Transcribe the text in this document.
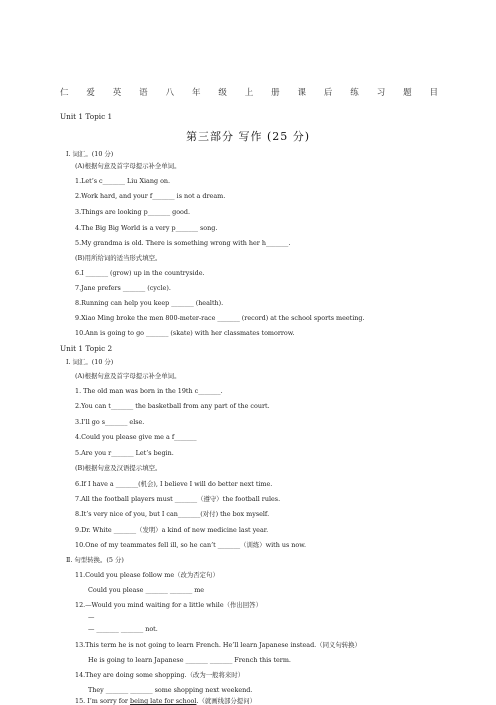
仁 爱 英 语 八 年 级 上 册 课 后 练 习 题 目
Unit 1 Topic 1
第三部分 写作 (25 分)
Ⅰ. 词汇。(10 分)
(A)根据句意及首字母提示补全单词。
1.Let’s c_______ Liu Xiang on.
2.Work hard, and your f_______ is not a dream.
3.Things are looking p_______ good.
4.The Big Big World is a very p_______ song.
5.My grandma is old. There is something wrong with her h_______.
(B)用所给词的适当形式填空。
6.I _______ (grow) up in the countryside.
7.Jane prefers _______ (cycle).
8.Running can help you keep _______ (health).
9.Xiao Ming broke the men 800-meter-race _______ (record) at the school sports meeting.
10.Ann is going to go _______ (skate) with her classmates tomorrow.
Unit 1 Topic 2
Ⅰ. 词汇。(10 分)
(A)根据句意及首字母提示补全单词。
1. The old man was born in the 19th c_______.
2.You can t_______ the basketball from any part of the court.
3.I’ll go s_______ else.
4.Could you please give me a f_______
5.Are you r_______ Let’s begin.
(B)根据句意及汉语提示填空。
6.If I have a _______(机会), I believe I will do better next time.
7.All the football players must _______（遵守）the football rules.
8.It’s very nice of you, but I can_______(对付) the box myself.
9.Dr. White _______（发明）a kind of new medicine last year.
10.One of my teammates fell ill, so he can’t _______（训练）with us now.
Ⅱ. 句型转换。(5 分)
11.Could you please follow me（改为否定句）
Could you please _______ _______ me
12.—Would you mind waiting for a little while（作出回答）
—
— _______ _______ not.
13.This term he is not going to learn French. He’ll learn Japanese instead.（同义句转换）
He is going to learn Japanese _______ _______ French this term.
14.They are doing some shopping.（改为一般将来时）
They _______ _______ some shopping next weekend.
15. I’m sorry for being late for school.（就画线部分提问）
